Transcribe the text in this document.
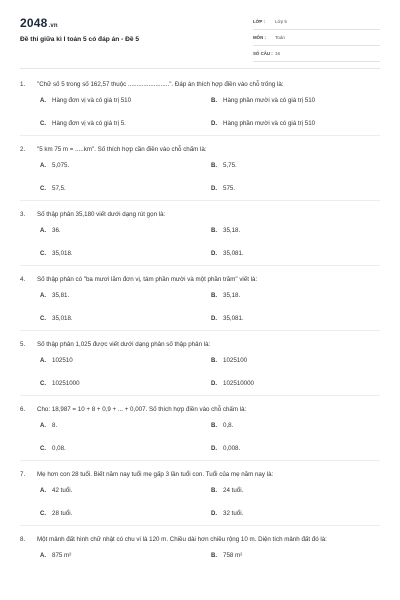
2048.vn
Đề thi giữa kì I toán 5 có đáp án - Đề 5
LỚP : Lớp 5
MÔN : Toán
SỐ CÂU : 16
1. "Chữ số 5 trong số 162,57 thuộc ........................". Đáp án thích hợp điền vào chỗ trống là:
A. Hàng đơn vị và có giá trị 510	B. Hàng phần mười và có giá trị 510
C. Hàng đơn vị và có giá trị 5.	D. Hàng phần mười và có giá trị 510
2. "5 km 75 m = .....km". Số thích hợp cần điền vào chỗ chấm là:
A. 5,075.	B. 5,75.
C. 57,5.	D. 575.
3. Số thập phân 35,180 viết dưới dạng rút gọn là:
A. 36.	B. 35,18.
C. 35,018.	D. 35,081.
4. Số thập phân có "ba mươi lăm đơn vị, tám phần mười và một phần trăm" viết là:
A. 35,81.	B. 35,18.
C. 35,018.	D. 35,081.
5. Số thập phân 1,025 được viết dưới dạng phân số thập phân là:
A. 102510	B. 1025100
C. 10251000	D. 102510000
6. Cho: 18,987 = 10 + 8 + 0,9 + ... + 0,007. Số thích hợp điền vào chỗ chấm là:
A. 8.	B. 0,8.
C. 0,08.	D. 0,008.
7. Mẹ hơn con 28 tuổi. Biết năm nay tuổi mẹ gấp 3 lần tuổi con. Tuổi của mẹ năm nay là:
A. 42 tuổi.	B. 24 tuổi.
C. 28 tuổi.	D. 32 tuổi.
8. Một mảnh đất hình chữ nhật có chu vi là 120 m. Chiều dài hơn chiều rộng 10 m. Diện tích mảnh đất đó là:
A. 875 m²	B. 758 m²
